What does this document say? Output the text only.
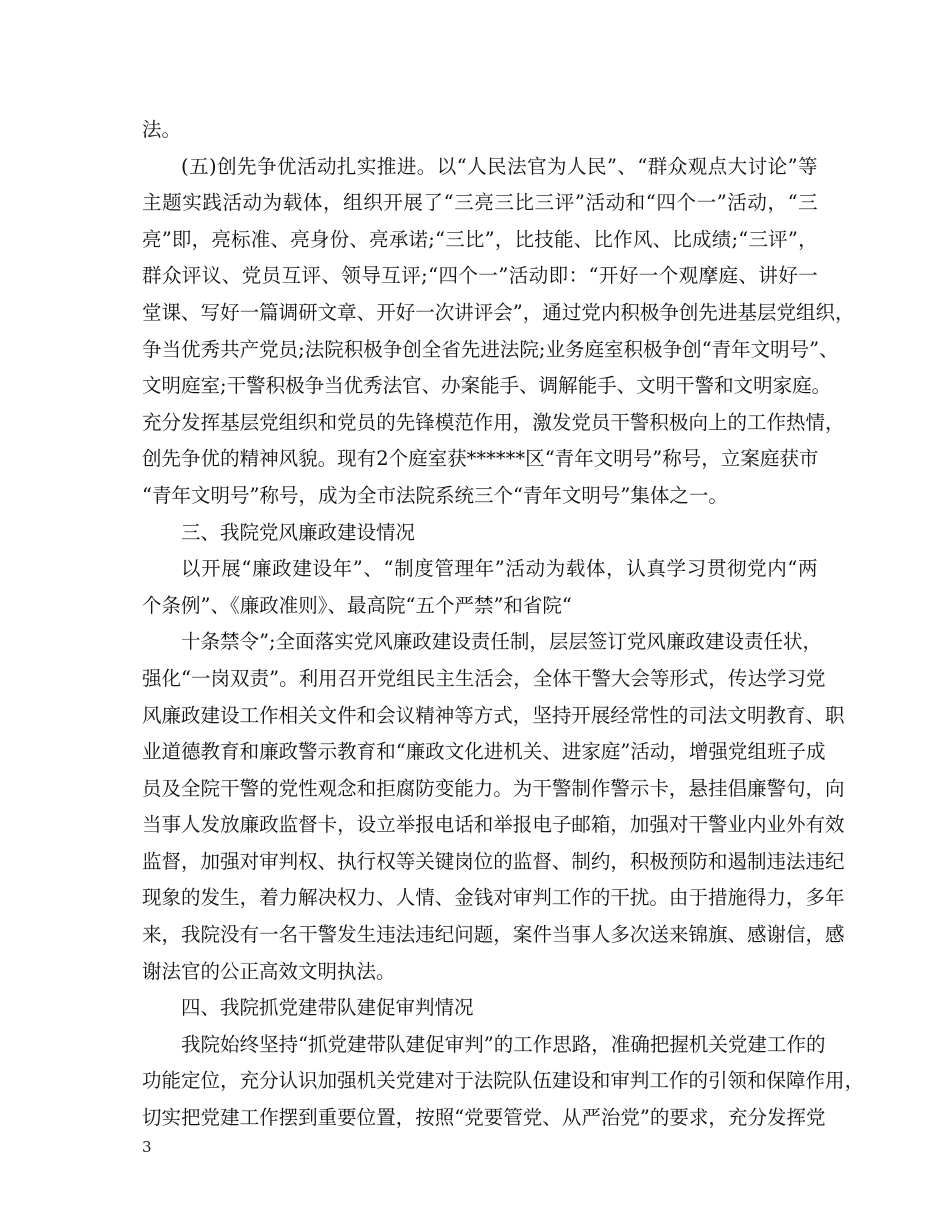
法。
( 五 ) 创 先 争 优 活 动 扎 实 推 进 。 以 “ 人 民 法 官 为 人 民 ” 、 “ 群 众 观 点 大 讨 论 ” 等
主 题 实 践 活 动 为 载 体 ， 组 织 开 展 了 “ 三 亮 三 比 三 评 ” 活 动 和 “ 四 个 一 ” 活 动 ， “ 三
亮 ” 即 ， 亮 标 准 、 亮 身 份 、 亮 承 诺 ; “ 三 比 ” ， 比 技 能 、 比 作 风 、 比 成 绩 ; “ 三 评 ” ，
群 众 评 议 、 党 员 互 评 、 领 导 互 评 ; “ 四 个 一 ” 活 动 即 ： “ 开 好 一 个 观 摩 庭 、 讲 好 一
堂 课 、 写 好 一 篇 调 研 文 章 、 开 好 一 次 讲 评 会 ” ， 通 过 党 内 积 极 争 创 先 进 基 层 党 组 织 ，
争 当 优 秀 共 产 党 员 ; 法 院 积 极 争 创 全 省 先 进 法 院 ; 业 务 庭 室 积 极 争 创 “ 青 年 文 明 号 ” 、
文明庭室;干警积极争当优秀法官、办案能手、调解能手、文明干警和文明家庭。
充 分 发 挥 基 层 党 组 织 和 党 员 的 先 锋 模 范 作 用 ， 激 发 党 员 干 警 积 极 向 上 的 工 作 热 情 ，
创 先 争 优 的 精 神 风 貌 。 现 有 2 个 庭 室 获 * * * * * * 区 “ 青 年 文 明 号 ” 称 号 ， 立 案 庭 获 市
“青年文明号”称号，成为全市法院系统三个“青年文明号”集体之一。
三、我院党风廉政建设情况
以 开 展 “ 廉 政 建 设 年 ” 、 “ 制 度 管 理 年 ” 活 动 为 载 体 ， 认 真 学 习 贯 彻 党 内 “ 两
个条例”、《廉政准则》、最高院“五个严禁”和省院“
十 条 禁 令 ” ; 全 面 落 实 党 风 廉 政 建 设 责 任 制 ， 层 层 签 订 党 风 廉 政 建 设 责 任 状 ，
强 化 “ 一 岗 双 责 ” 。 利 用 召 开 党 组 民 主 生 活 会 ， 全 体 干 警 大 会 等 形 式 ， 传 达 学 习 党
风 廉 政 建 设 工 作 相 关 文 件 和 会 议 精 神 等 方 式 ， 坚 持 开 展 经 常 性 的 司 法 文 明 教 育 、 职
业 道 德 教 育 和 廉 政 警 示 教 育 和 “ 廉 政 文 化 进 机 关 、 进 家 庭 ” 活 动 ， 增 强 党 组 班 子 成
员 及 全 院 干 警 的 党 性 观 念 和 拒 腐 防 变 能 力 。 为 干 警 制 作 警 示 卡 ， 悬 挂 倡 廉 警 句 ， 向
当 事 人 发 放 廉 政 监 督 卡 ， 设 立 举 报 电 话 和 举 报 电 子 邮 箱 ， 加 强 对 干 警 业 内 业 外 有 效
监 督 ， 加 强 对 审 判 权 、 执 行 权 等 关 键 岗 位 的 监 督 、 制 约 ， 积 极 预 防 和 遏 制 违 法 违 纪
现 象 的 发 生 ， 着 力 解 决 权 力 、 人 情 、 金 钱 对 审 判 工 作 的 干 扰 。 由 于 措 施 得 力 ， 多 年
来 ， 我 院 没 有 一 名 干 警 发 生 违 法 违 纪 问 题 ， 案 件 当 事 人 多 次 送 来 锦 旗 、 感 谢 信 ， 感
谢法官的公正高效文明执法。
四、我院抓党建带队建促审判情况
我 院 始 终 坚 持 “ 抓 党 建 带 队 建 促 审 判 ” 的 工 作 思 路 ， 准 确 把 握 机 关 党 建 工 作 的
功 能 定 位 ， 充 分 认 识 加 强 机 关 党 建 对 于 法 院 队 伍 建 设 和 审 判 工 作 的 引 领 和 保 障 作 用 ，
切 实 把 党 建 工 作 摆 到 重 要 位 置 ， 按 照 “ 党 要 管 党 、 从 严 治 党 ” 的 要 求 ， 充 分 发 挥 党
3
